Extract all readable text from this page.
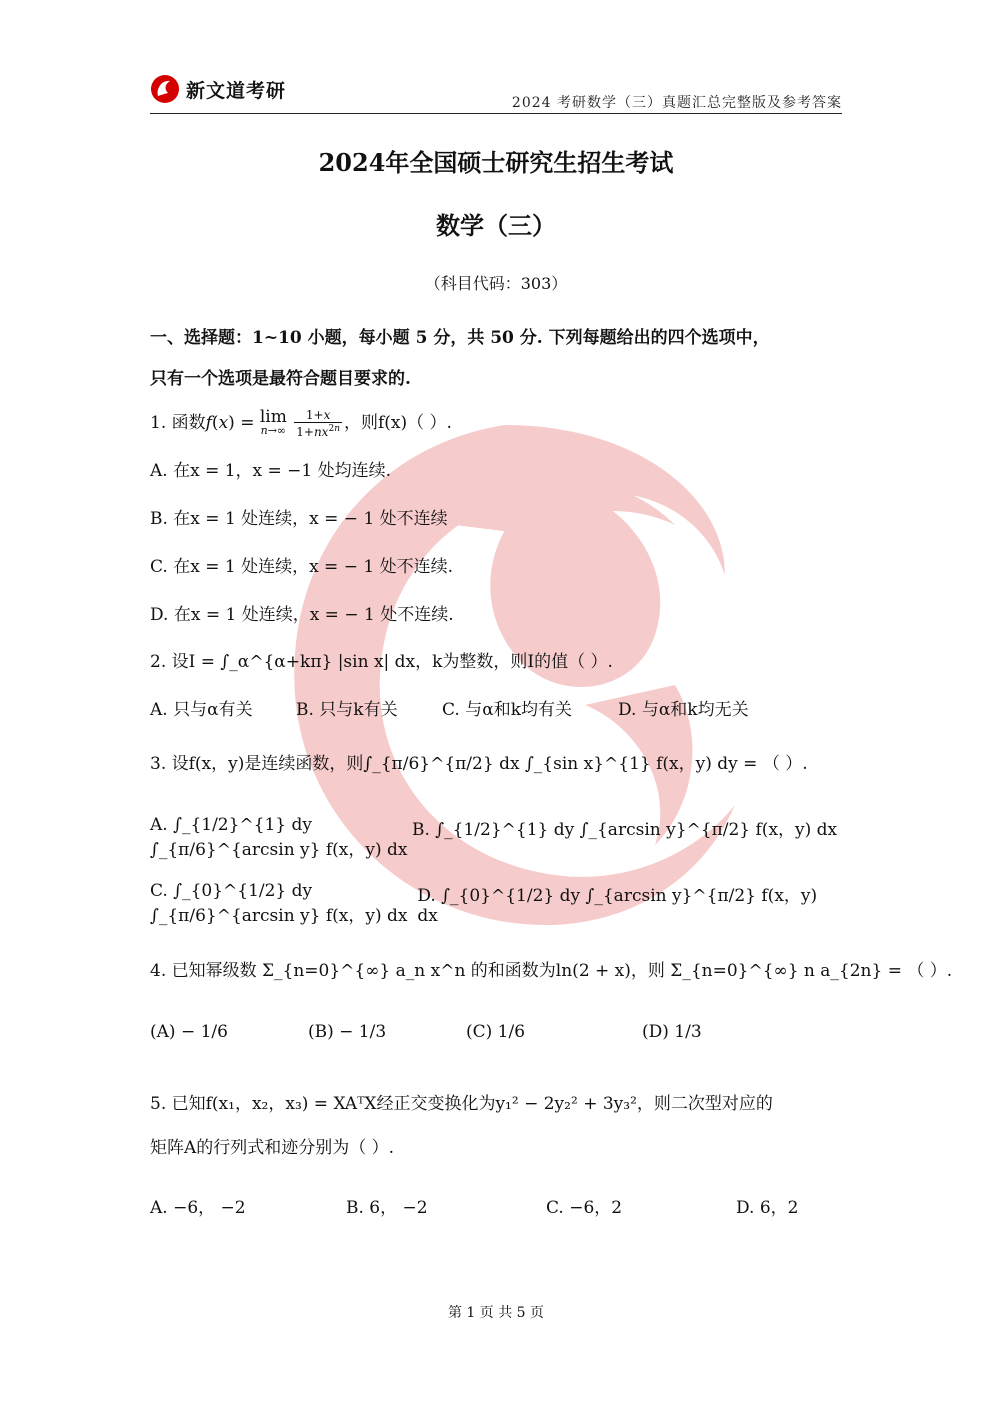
新文道考研
2024 考研数学（三）真题汇总完整版及参考答案
2024年全国硕士研究生招生考试
数学（三）
（科目代码：303）
一、选择题：1~10 小题，每小题 5 分，共 50 分. 下列每题给出的四个选项中，
只有一个选项是最符合题目要求的.
1. 函数f(x) = lim
n→∞
$\frac{1+x}{1+nx^{2n}}$ ，则f(x)（ ）.
A. 在x = 1，x = −1 处均连续.
B. 在x = 1 处连续，x = − 1 处不连续
C. 在x = 1 处连续，x = − 1 处不连续.
D. 在x = 1 处连续，x = − 1 处不连续.
2. 设I = ∫_α^{α+kπ} |sin x| dx，k为整数，则I的值（ ）.
A. 只与α有关	B. 只与k有关	C. 与α和k均有关	D. 与α和k均无关
3. 设f(x，y)是连续函数，则∫_{π/6}^{π/2} dx ∫_{sin x}^{1} f(x，y) dy = （ ）.
A. ∫_{1/2}^{1} dy ∫_{π/6}^{arcsin y} f(x，y) dx
B. ∫_{1/2}^{1} dy ∫_{arcsin y}^{π/2} f(x，y) dx
C. ∫_{0}^{1/2} dy ∫_{π/6}^{arcsin y} f(x，y) dx
D. ∫_{0}^{1/2} dy ∫_{arcsin y}^{π/2} f(x，y) dx
4. 已知幂级数 Σ_{n=0}^{∞} a_n x^n 的和函数为ln(2 + x)，则 Σ_{n=0}^{∞} n a_{2n} = （ ）.
(A) − 1/6	(B) − 1/3	(C) 1/6	(D) 1/3
5. 已知f(x₁，x₂，x₃) = XAᵀX经正交变换化为y₁² − 2y₂² + 3y₃²，则二次型对应的
矩阵A的行列式和迹分别为（ ）.
A. −6， −2	B. 6， −2	C. −6，2	D. 6，2
第 1 页 共 5 页
